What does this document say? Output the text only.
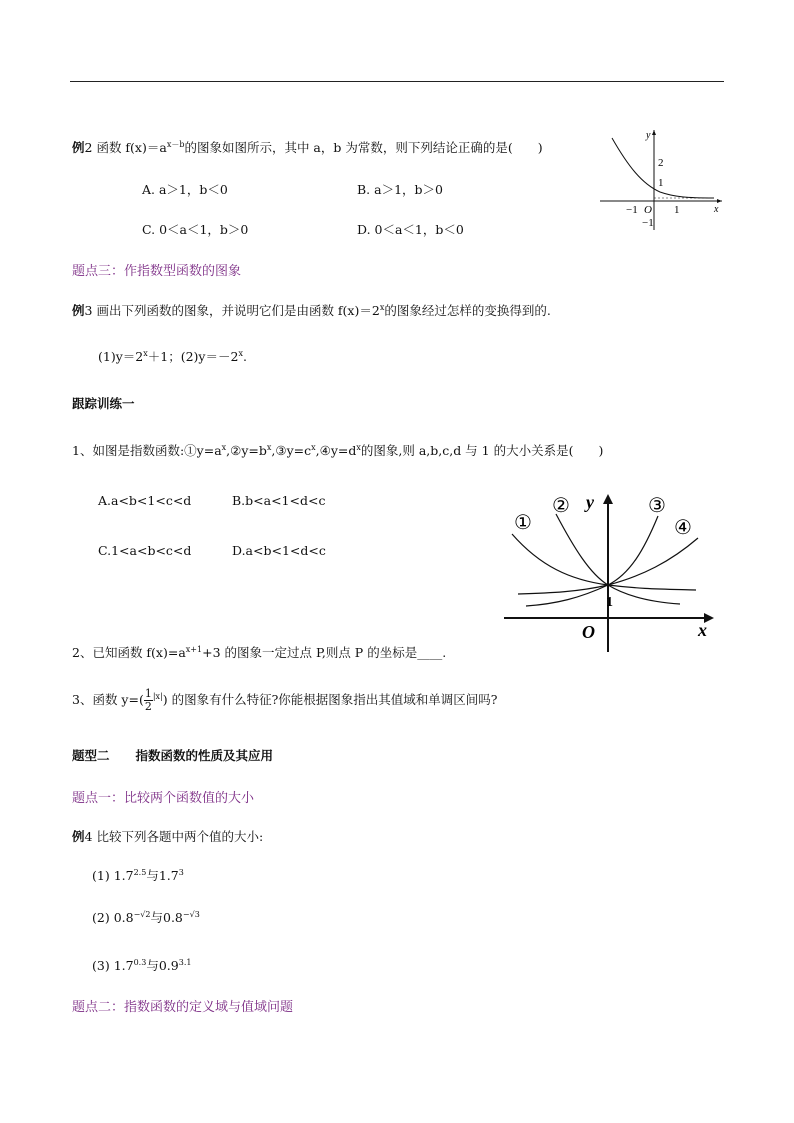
例2 函数 $f(x)=a^{x-b}$的图象如图所示，其中 a，b 为常数，则下列结论正确的是(　　)
A. a＞1，b＜0	B. a＞1，b＞0
C. 0＜a＜1，b＞0	D. 0＜a＜1，b＜0
y
x
2
1
−1 O 1
−1
题点三：作指数型函数的图象
例3 画出下列函数的图象，并说明它们是由函数 $f(x)=2^x$的图象经过怎样的变换得到的.
$(1)y=2^x+1$；$(2)y=-2^x$.
跟踪训练一
1、如图是指数函数$:①y=a^x,②y=b^x,③y=c^x,④y=d^x$的图象,则 a,b,c,d 与 1 的大小关系是(　　)
A.a<b<1<c<d	B.b<a<1<d<c
C.1<a<b<c<d	D.a<b<1<d<c
①
②	③
④
y
x
O
1
2、已知函数 $f(x)=a^{x+1}+3$ 的图象一定过点 P,则点 P 的坐标是____.
3、函数 $y=( \frac{1}{2} ^{|x|})$ 的图象有什么特征?你能根据图象指出其值域和单调区间吗?
题型二 指数函数的性质及其应用
题点一：比较两个函数值的大小
例4 比较下列各题中两个值的大小:
(1) $1.7^{2.5}$与$1.7^3$
(2) $0.8^{-√2}$与$0.8^{-√3}$
(3) $1.7^{0.3}$与$0.9^{3.1}$
题点二：指数函数的定义域与值域问题
